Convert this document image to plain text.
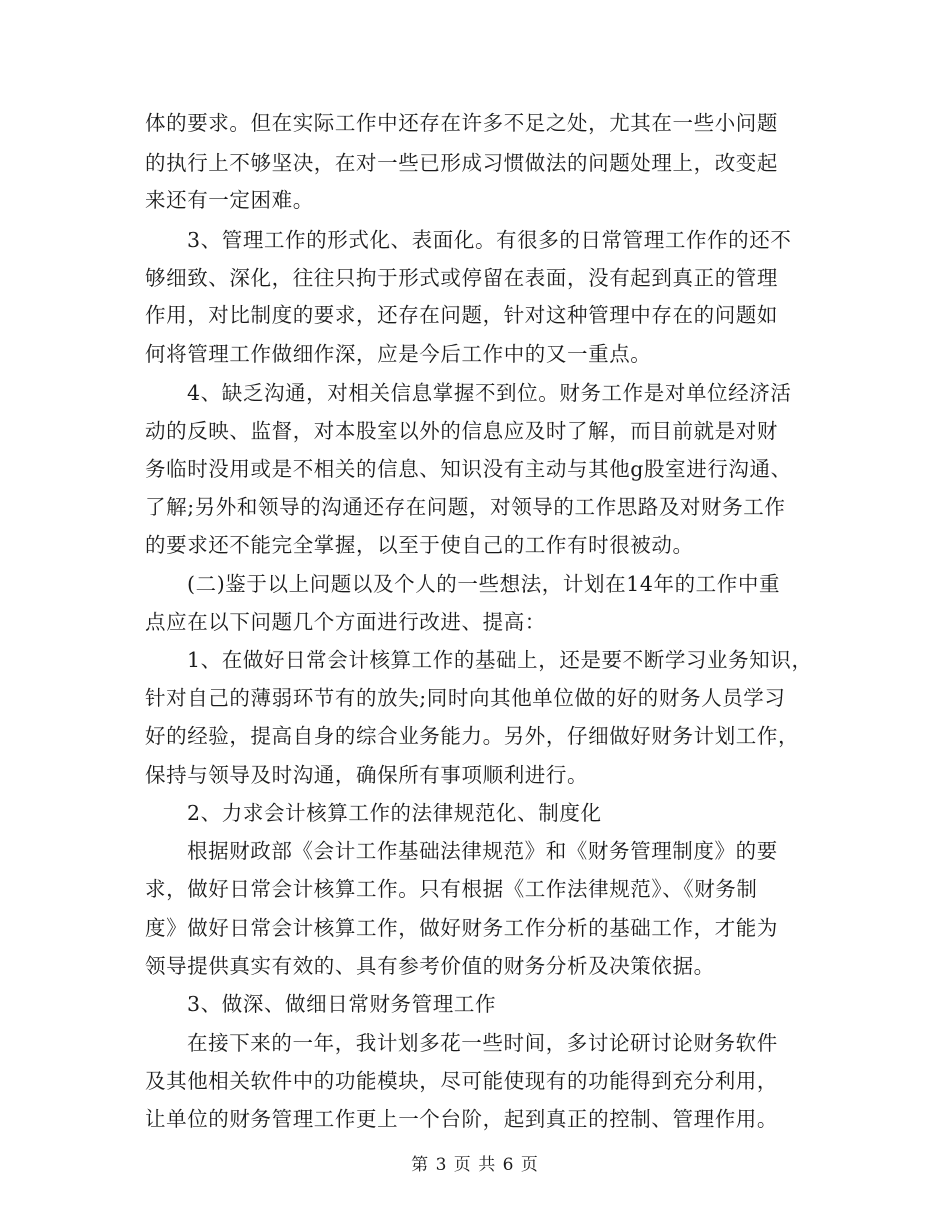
体的要求。但在实际工作中还存在许多不足之处，尤其在一些小问题
的执行上不够坚决，在对一些已形成习惯做法的问题处理上，改变起
来还有一定困难。
3、管理工作的形式化、表面化。有很多的日常管理工作作的还不
够细致、深化，往往只拘于形式或停留在表面，没有起到真正的管理
作用，对比制度的要求，还存在问题，针对这种管理中存在的问题如
何将管理工作做细作深，应是今后工作中的又一重点。
4、缺乏沟通，对相关信息掌握不到位。财务工作是对单位经济活
动的反映、监督，对本股室以外的信息应及时了解，而目前就是对财
务临时没用或是不相关的信息、知识没有主动与其他g股室进行沟通、
了解;另外和领导的沟通还存在问题，对领导的工作思路及对财务工作
的要求还不能完全掌握，以至于使自己的工作有时很被动。
(二)鉴于以上问题以及个人的一些想法，计划在14年的工作中重
点应在以下问题几个方面进行改进、提高：
1、在做好日常会计核算工作的基础上，还是要不断学习业务知识，
针对自己的薄弱环节有的放失;同时向其他单位做的好的财务人员学习
好的经验，提高自身的综合业务能力。另外，仔细做好财务计划工作，
保持与领导及时沟通，确保所有事项顺利进行。
2、力求会计核算工作的法律规范化、制度化
根据财政部《会计工作基础法律规范》和《财务管理制度》的要
求，做好日常会计核算工作。只有根据《工作法律规范》、《财务制
度》做好日常会计核算工作，做好财务工作分析的基础工作，才能为
领导提供真实有效的、具有参考价值的财务分析及决策依据。
3、做深、做细日常财务管理工作
在接下来的一年，我计划多花一些时间，多讨论研讨论财务软件
及其他相关软件中的功能模块，尽可能使现有的功能得到充分利用，
让单位的财务管理工作更上一个台阶，起到真正的控制、管理作用。
第 3 页 共 6 页
